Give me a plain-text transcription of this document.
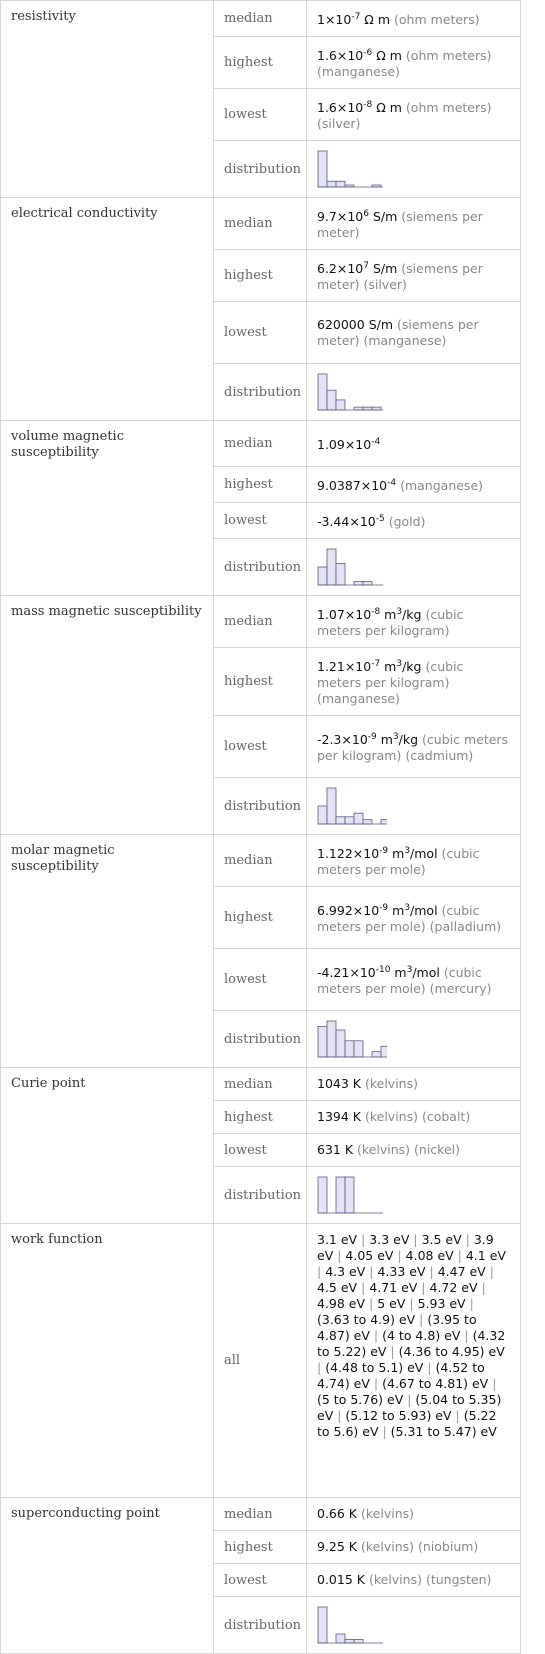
resistivity	median	$1\times 10^{-7}$ Ω m (ohm meters)
	highest	$1.6\times 10^{-6}$ Ω m (ohm meters) (manganese)
	lowest	$1.6\times 10^{-8}$ Ω m (ohm meters) (silver)
	distribution	

electrical conductivity	median	$9.7\times 10^6$ S/m (siemens per meter)
	highest	$6.2\times 10^7$ S/m (siemens per meter) (silver)
	lowest	620000 S/m (siemens per meter) (manganese)
	distribution	

volume magnetic susceptibility	median	$1.09\times 10^{-4}$
	highest	$9.0387\times 10^{-4}$ (manganese)
	lowest	$-3.44\times 10^{-5}$ (gold)
	distribution	

mass magnetic susceptibility	median	$1.07\times 10^{-8}$ $m^3/kg$ (cubic meters per kilogram)
	highest	$1.21\times 10^{-7}$ $m^3/kg$ (cubic meters per kilogram) (manganese)
	lowest	$-2.3\times 10^{-9}$ $m^3/kg$ (cubic meters per kilogram) (cadmium)
	distribution	

molar magnetic susceptibility	median	$1.122\times 10^{-9}$ $m^3$/mol (cubic meters per mole)
	highest	$6.992\times 10^{-9}$ $m^3$/mol (cubic meters per mole) (palladium)
	lowest	$-4.21\times 10^{-10}$ $m^3$/mol (cubic meters per mole) (mercury)
	distribution	

Curie point	median	1043 K (kelvins)
	highest	1394 K (kelvins) (cobalt)
	lowest	631 K (kelvins) (nickel)
	distribution	

work function	all	3.1 eV | 3.3 eV | 3.5 eV | 3.9 eV | 4.05 eV | 4.08 eV | 4.1 eV | 4.3 eV | 4.33 eV | 4.47 eV | 4.5 eV | 4.71 eV | 4.72 eV | 4.98 eV | 5 eV | 5.93 eV | (3.63 to 4.9) eV | (3.95 to 4.87) eV | (4 to 4.8) eV | (4.32 to 5.22) eV | (4.36 to 4.95) eV | (4.48 to 5.1) eV | (4.52 to 4.74) eV | (4.67 to 4.81) eV | (5 to 5.76) eV | (5.04 to 5.35) eV | (5.12 to 5.93) eV | (5.22 to 5.6) eV | (5.31 to 5.47) eV
superconducting point	median	0.66 K (kelvins)
	highest	9.25 K (kelvins) (niobium)
	lowest	0.015 K (kelvins) (tungsten)
	distribution	
